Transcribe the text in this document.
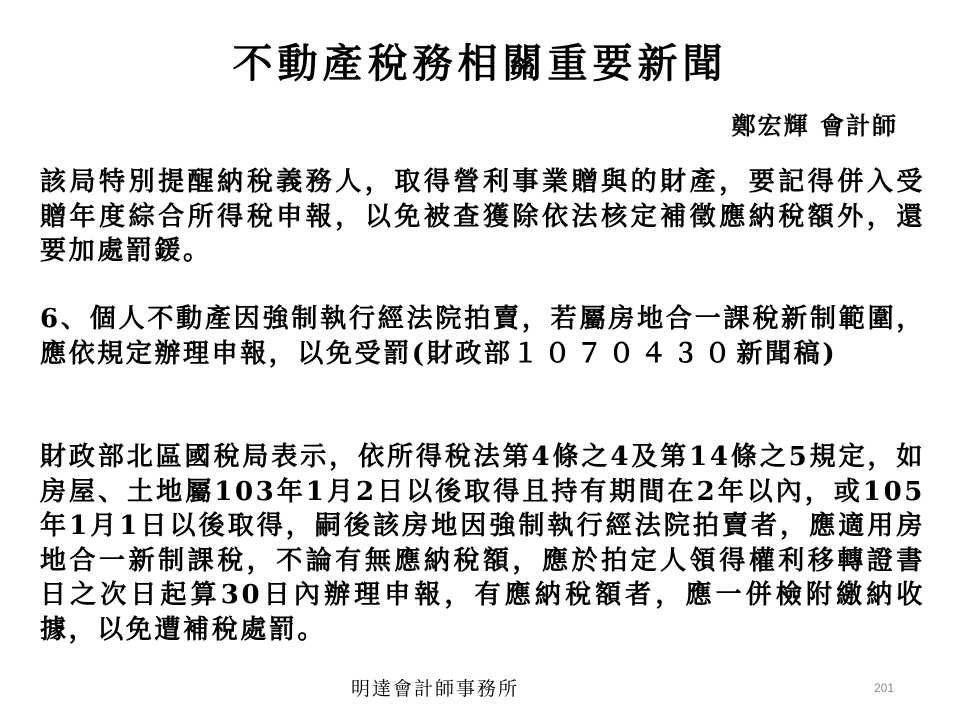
不動產稅務相關重要新聞
鄭宏輝 會計師
該局特別提醒納稅義務人，取得營利事業贈與的財產，要記得併入受贈年度綜合所得稅申報，以免被查獲除依法核定補徵應納稅額外，還要加處罰鍰。
6、個人不動產因強制執行經法院拍賣，若屬房地合一課稅新制範圍，應依規定辦理申報，以免受罰(財政部１０７０４３０新聞稿)
財政部北區國稅局表示，依所得稅法第4條之4及第14條之5規定，如房屋、土地屬103年1月2日以後取得且持有期間在2年以內，或105年1月1日以後取得，嗣後該房地因強制執行經法院拍賣者，應適用房地合一新制課稅，不論有無應納稅額，應於拍定人領得權利移轉證書日之次日起算30日內辦理申報，有應納稅額者，應一併檢附繳納收據，以免遭補稅處罰。
明達會計師事務所	201
